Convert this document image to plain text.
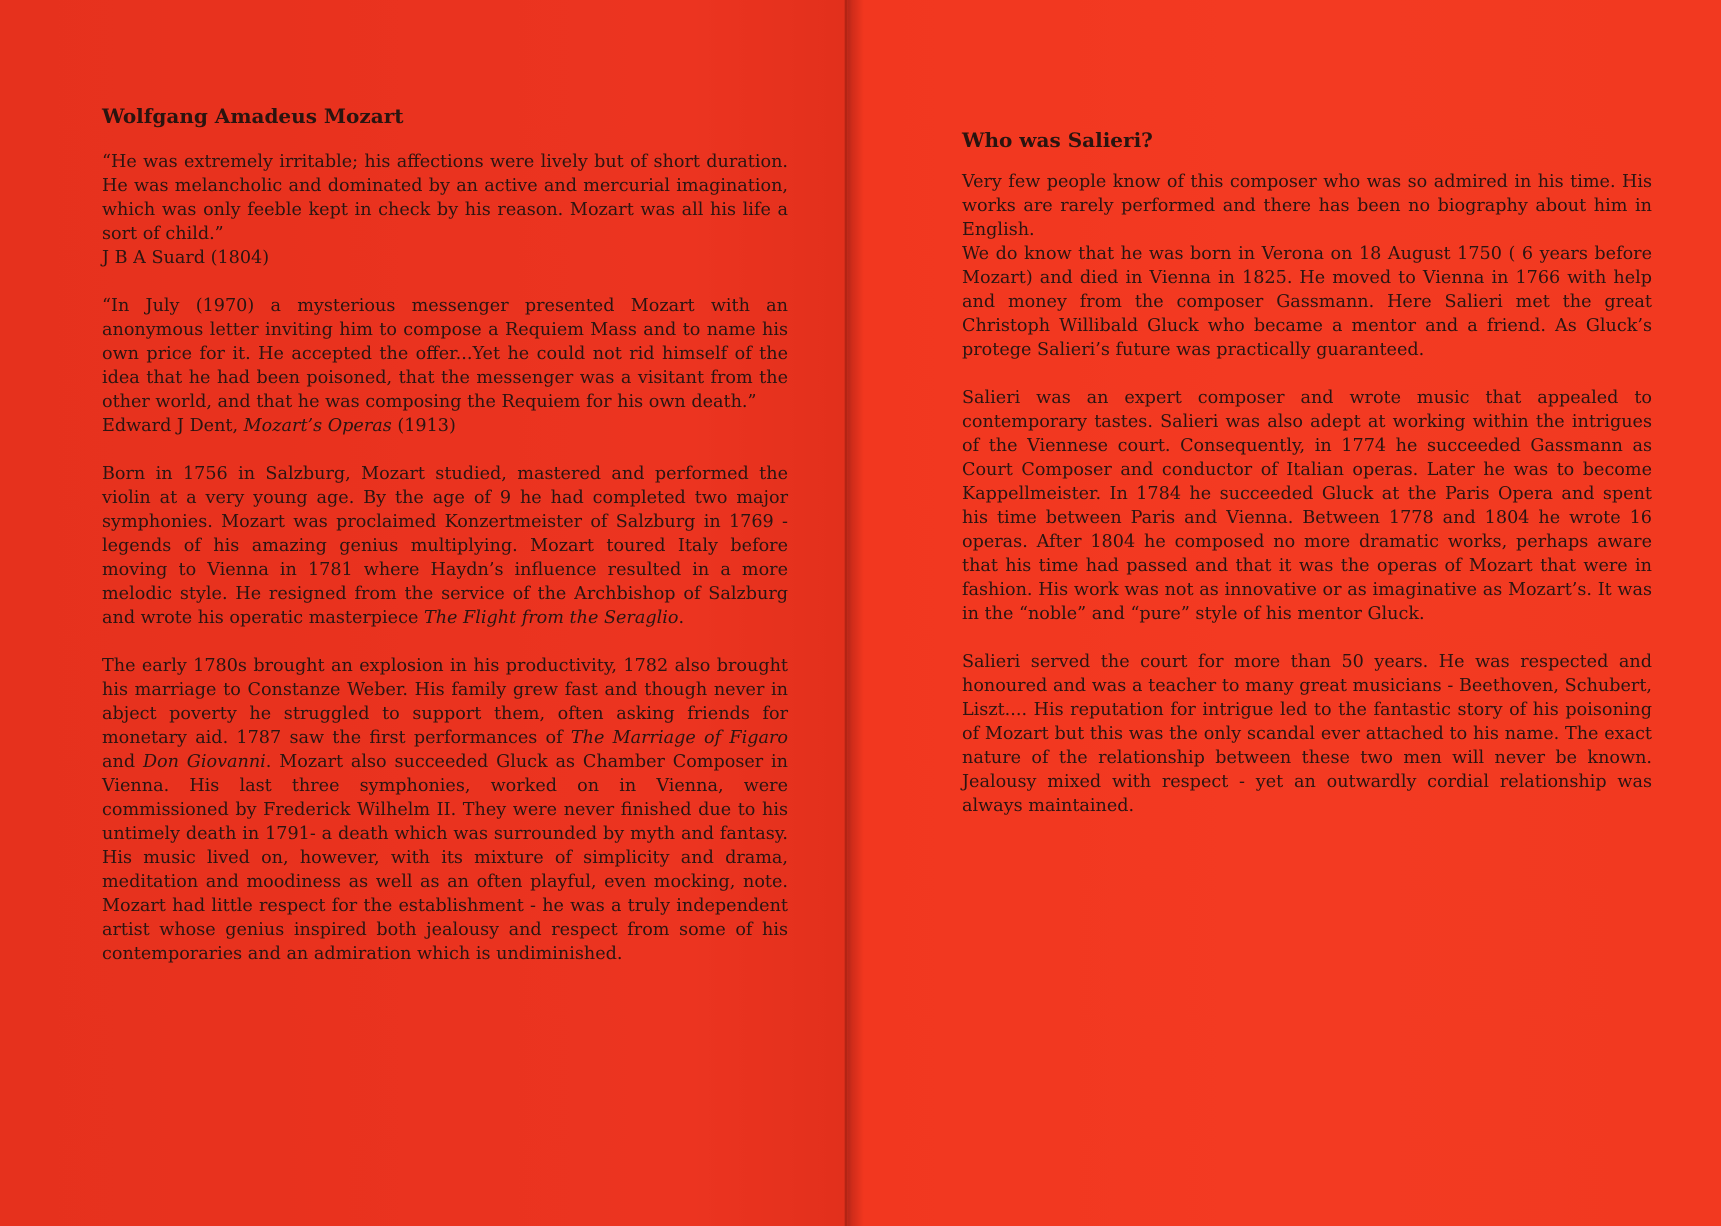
Wolfgang Amadeus Mozart

“He was extremely irritable; his affections were lively but of short duration. He was melancholic and dominated by an active and mercurial imagination, which was only feeble kept in check by his reason. Mozart was all his life a sort of child.”

J B A Suard (1804)

“In July (1970) a mysterious messenger presented Mozart with an anonymous letter inviting him to compose a Requiem Mass and to name his own price for it. He accepted the offer...Yet he could not rid himself of the idea that he had been poisoned, that the messenger was a visitant from the other world, and that he was composing the Requiem for his own death.”

Edward J Dent, Mozart’s Operas (1913)

Born in 1756 in Salzburg, Mozart studied, mastered and performed the violin at a very young age. By the age of 9 he had completed two major symphonies. Mozart was proclaimed Konzertmeister of Salzburg in 1769 - legends of his amazing genius multiplying. Mozart toured Italy before moving to Vienna in 1781 where Haydn’s influence resulted in a more melodic style. He resigned from the service of the Archbishop of Salzburg and wrote his operatic masterpiece The Flight from the Seraglio.

The early 1780s brought an explosion in his productivity, 1782 also brought his marriage to Constanze Weber. His family grew fast and though never in abject poverty he struggled to support them, often asking friends for monetary aid. 1787 saw the first performances of The Marriage of Figaro and Don Giovanni. Mozart also succeeded Gluck as Chamber Composer in Vienna. His last three symphonies, worked on in Vienna, were commissioned by Frederick Wilhelm II. They were never finished due to his untimely death in 1791- a death which was surrounded by myth and fantasy. His music lived on, however, with its mixture of simplicity and drama, meditation and moodiness as well as an often playful, even mocking, note. Mozart had little respect for the establishment - he was a truly independent artist whose genius inspired both jealousy and respect from some of his contemporaries and an admiration which is undiminished.

Who was Salieri?

Very few people know of this composer who was so admired in his time. His works are rarely performed and there has been no biography about him in English.

We do know that he was born in Verona on 18 August 1750 ( 6 years before Mozart) and died in Vienna in 1825. He moved to Vienna in 1766 with help and money from the composer Gassmann. Here Salieri met the great Christoph Willibald Gluck who became a mentor and a friend. As Gluck’s protege Salieri’s future was practically guaranteed.

Salieri was an expert composer and wrote music that appealed to contemporary tastes. Salieri was also adept at working within the intrigues of the Viennese court. Consequently, in 1774 he succeeded Gassmann as Court Composer and conductor of Italian operas. Later he was to become Kappellmeister. In 1784 he succeeded Gluck at the Paris Opera and spent his time between Paris and Vienna. Between 1778 and 1804 he wrote 16 operas. After 1804 he composed no more dramatic works, perhaps aware that his time had passed and that it was the operas of Mozart that were in fashion. His work was not as innovative or as imaginative as Mozart’s. It was in the “noble” and “pure” style of his mentor Gluck.

Salieri served the court for more than 50 years. He was respected and honoured and was a teacher to many great musicians - Beethoven, Schubert, Liszt.... His reputation for intrigue led to the fantastic story of his poisoning of Mozart but this was the only scandal ever attached to his name. The exact nature of the relationship between these two men will never be known. Jealousy mixed with respect - yet an outwardly cordial relationship was always maintained.
